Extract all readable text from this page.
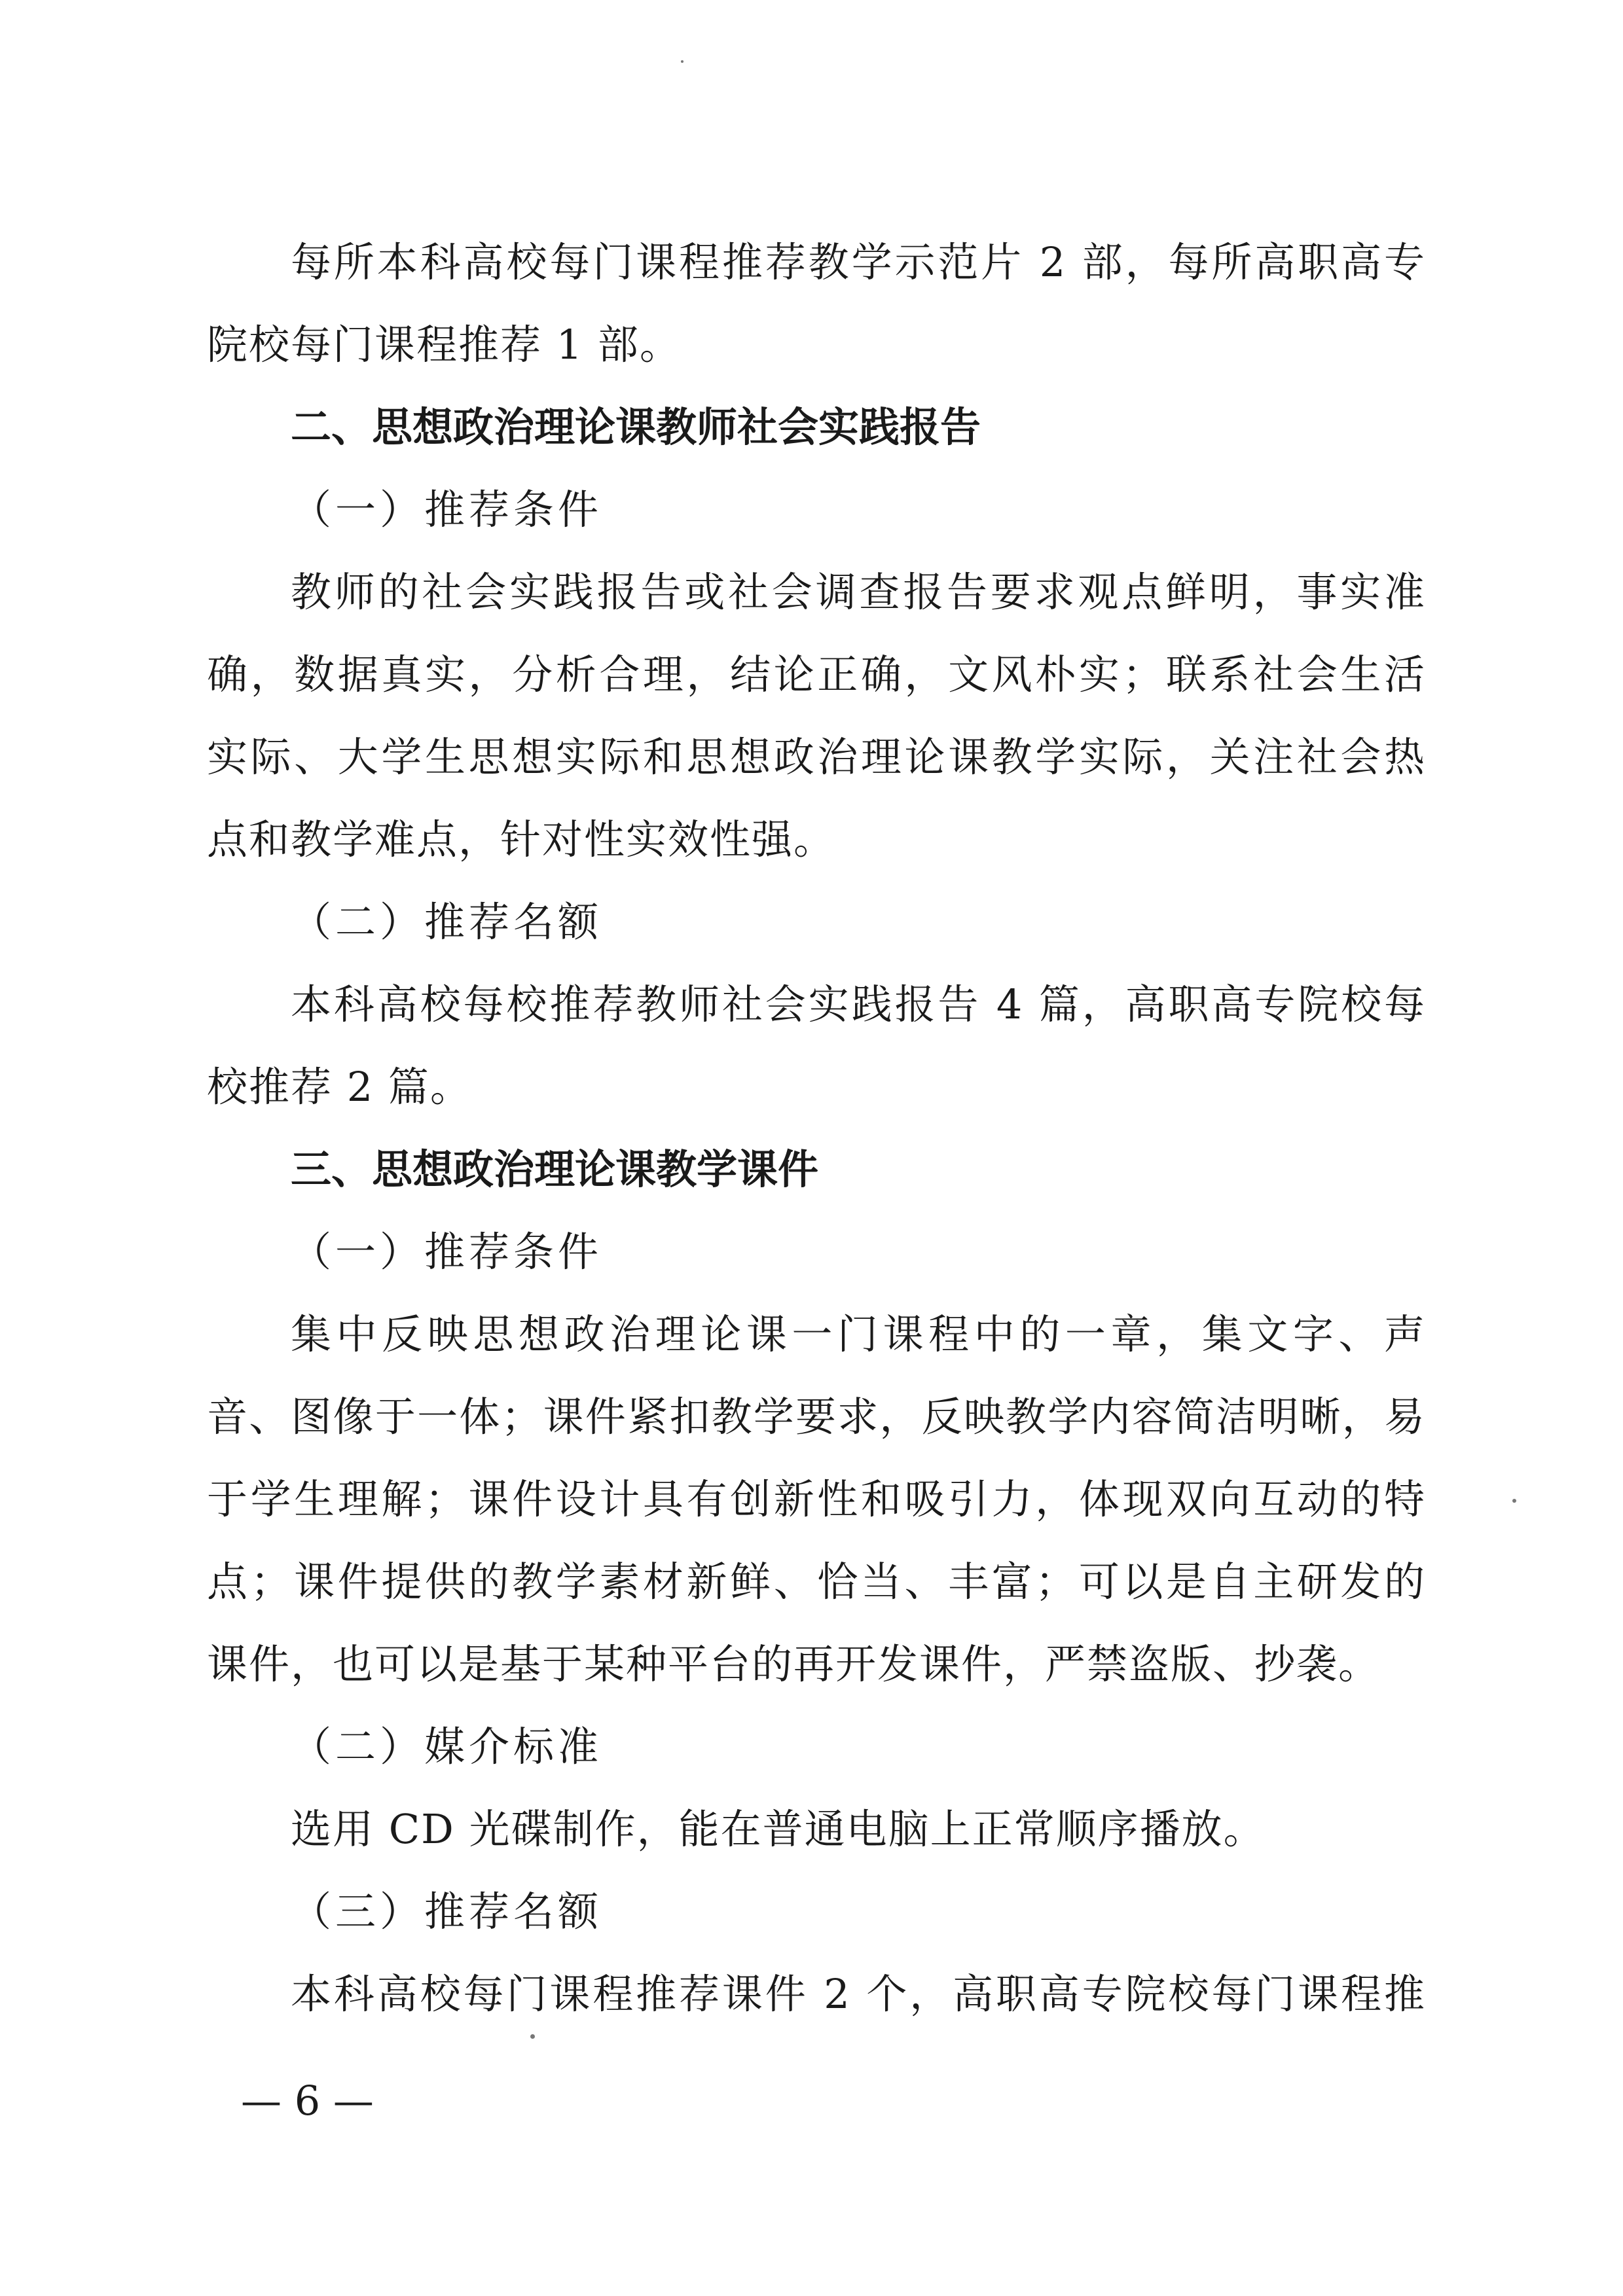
每所本科高校每门课程推荐教学示范片 2 部，每所高职高专
院校每门课程推荐 1 部。
二、思想政治理论课教师社会实践报告
（一）推荐条件
教师的社会实践报告或社会调查报告要求观点鲜明，事实准
确，数据真实，分析合理，结论正确，文风朴实；联系社会生活
实际、大学生思想实际和思想政治理论课教学实际，关注社会热
点和教学难点，针对性实效性强。
（二）推荐名额
本科高校每校推荐教师社会实践报告 4 篇，高职高专院校每
校推荐 2 篇。
三、思想政治理论课教学课件
（一）推荐条件
集中反映思想政治理论课一门课程中的一章，集文字、声
音、图像于一体；课件紧扣教学要求，反映教学内容简洁明晰，易
于学生理解；课件设计具有创新性和吸引力，体现双向互动的特
点；课件提供的教学素材新鲜、恰当、丰富；可以是自主研发的
课件，也可以是基于某种平台的再开发课件，严禁盗版、抄袭。
（二）媒介标准
选用 CD 光碟制作，能在普通电脑上正常顺序播放。
（三）推荐名额
本科高校每门课程推荐课件 2 个，高职高专院校每门课程推
— 6 —
